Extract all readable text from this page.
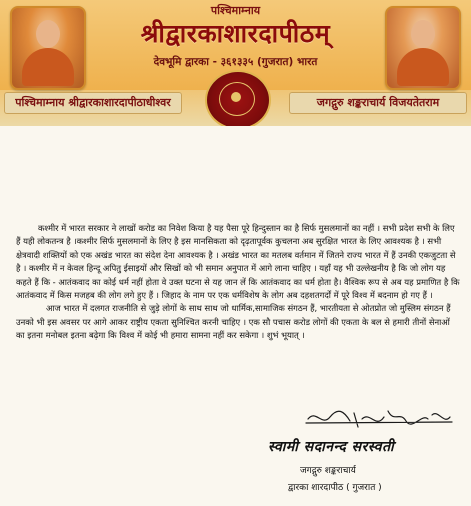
पश्चिमाम्नाय
श्रीद्वारकाशारदापीठम्
देवभूमि द्वारका - ३६१३३५ (गुजरात) भारत
पश्चिमाम्नाय श्रीद्वारकाशारदापीठाधीश्वर	जगद्गुरु शङ्कराचार्य विजयतेतराम

कश्मीर में भारत सरकार ने लाखों करोड का निवेश किया है यह पैसा पूरे हिन्दुस्तान का है सिर्फ मुसलमानों का नहीं । सभी प्रदेश सभी के लिए हैं यही लोकतन्त्र है ।कश्मीर सिर्फ मुसलमानों के लिए है इस मानसिकता को दृढ़तापूर्वक कुचलना अब सुरक्षित भारत के लिए आवश्यक है । सभी क्षेत्रवादी शक्तियों को एक अखंड भारत का संदेश देना आवश्यक है । अखंड भारत का मतलब वर्तमान में जितने राज्य भारत में हैं उनकी एकजुटता से है । कश्मीर में न केवल हिन्दू अपितु ईसाइयों और सिखों को भी समान अनुपात में आगे लाना चाहिए । यहाँ यह भी उल्लेखनीय है कि जो लोग यह कहते हैं कि - आतंकवाद का कोई धर्म नहीं होता वे उक्त घटना से यह जान लें कि आतंकवाद का धर्म होता है। वैश्विक रूप से अब यह प्रमाणित है कि आतंकवाद में किस मजहब की लोग लगे हुए हैं । जिहाद के नाम पर एक धर्मविशेष के लोग अब दहशतगर्दों में पूरे विश्व में बदनाम हो गए हैं ।

आज भारत में दलगत राजनीति से जुड़े लोगों के साथ साथ जो धार्मिक,सामाजिक संगठन हैं, भारतीयता से ओतप्रोत जो मुस्लिम संगठन हैं उनको भी इस अवसर पर आगे आकर राष्ट्रीय एकता सुनिश्चित करनी चाहिए । एक सौ पचास करोड लोगों की एकता के बल से हमारी तीनों सेनाओं का इतना मनोबल इतना बढ़ेगा कि विश्व में कोई भी हमारा सामना नहीं कर सकेगा । शुभं भूयात् ।

स्वामी सदानन्द सरस्वती
जगद्गुरु शङ्कराचार्य
द्वारका शारदापीठ ( गुजरात )
